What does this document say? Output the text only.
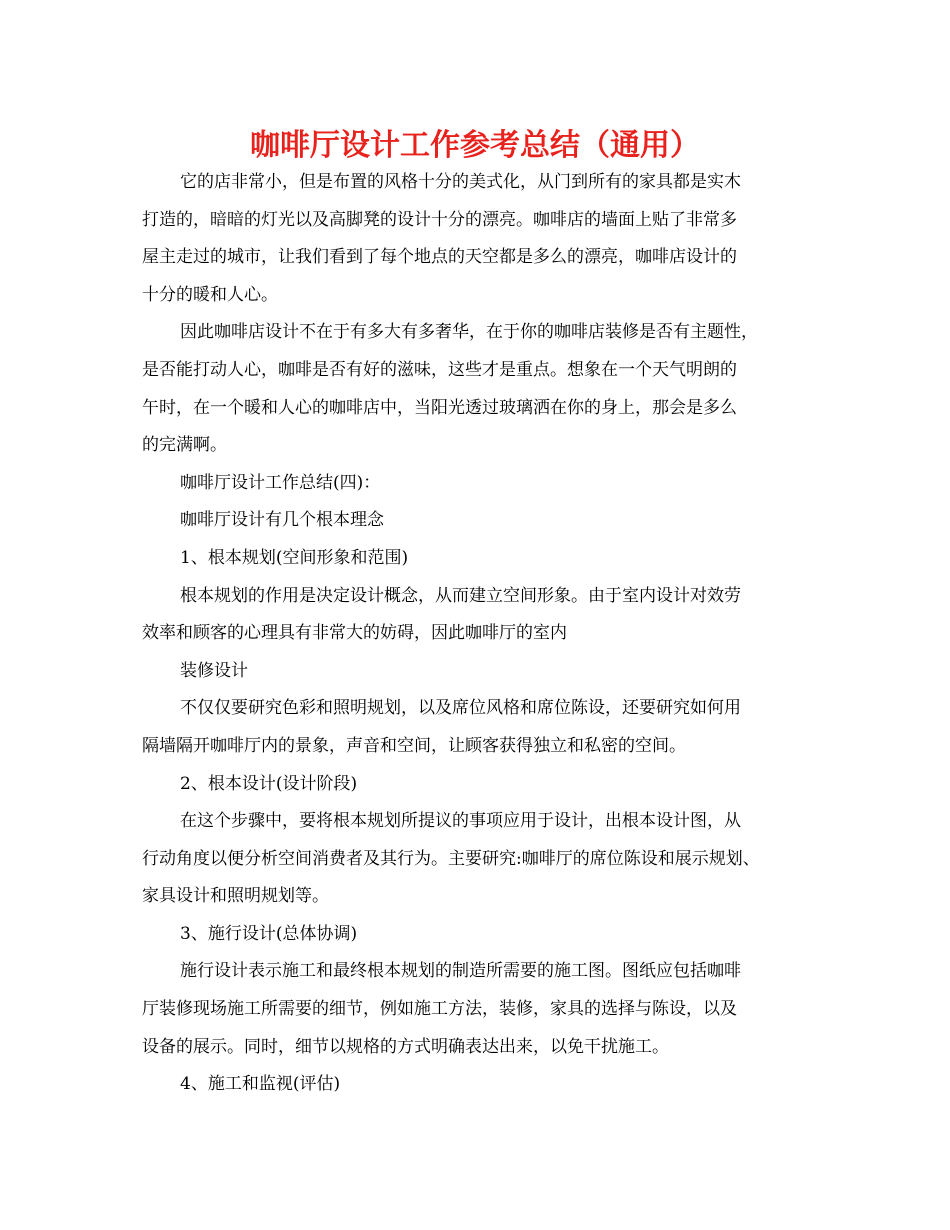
咖啡厅设计工作参考总结（通用）
它的店非常小，但是布置的风格十分的美式化，从门到所有的家具都是实木
打造的，暗暗的灯光以及高脚凳的设计十分的漂亮。咖啡店的墙面上贴了非常多
屋主走过的城市，让我们看到了每个地点的天空都是多么的漂亮，咖啡店设计的
十分的暖和人心。
因此咖啡店设计不在于有多大有多奢华，在于你的咖啡店装修是否有主题性，
是否能打动人心，咖啡是否有好的滋味，这些才是重点。想象在一个天气明朗的
午时，在一个暖和人心的咖啡店中，当阳光透过玻璃洒在你的身上，那会是多么
的完满啊。
咖啡厅设计工作总结(四)：
咖啡厅设计有几个根本理念
1、根本规划(空间形象和范围)
根本规划的作用是决定设计概念，从而建立空间形象。由于室内设计对效劳
效率和顾客的心理具有非常大的妨碍，因此咖啡厅的室内
装修设计
不仅仅要研究色彩和照明规划，以及席位风格和席位陈设，还要研究如何用
隔墙隔开咖啡厅内的景象，声音和空间，让顾客获得独立和私密的空间。
2、根本设计(设计阶段)
在这个步骤中，要将根本规划所提议的事项应用于设计，出根本设计图，从
行动角度以便分析空间消费者及其行为。主要研究:咖啡厅的席位陈设和展示规划、
家具设计和照明规划等。
3、施行设计(总体协调)
施行设计表示施工和最终根本规划的制造所需要的施工图。图纸应包括咖啡
厅装修现场施工所需要的细节，例如施工方法，装修，家具的选择与陈设，以及
设备的展示。同时，细节以规格的方式明确表达出来，以免干扰施工。
4、施工和监视(评估)
